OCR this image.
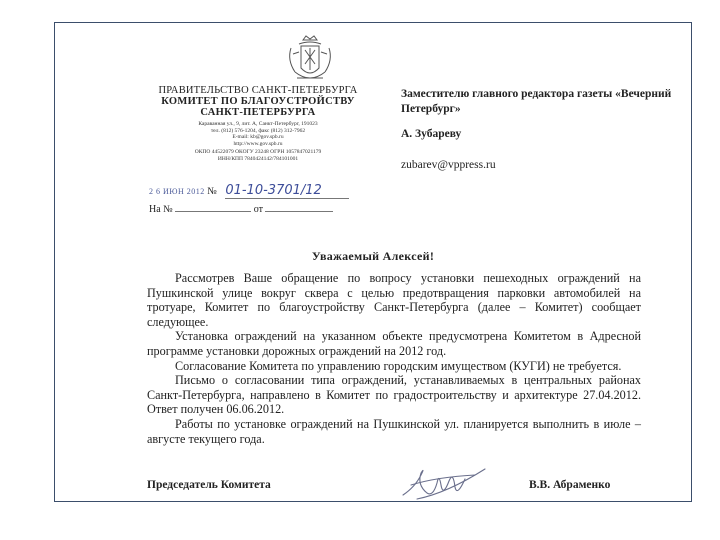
ПРАВИТЕЛЬСТВО САНКТ-ПЕТЕРБУРГА
КОМИТЕТ ПО БЛАГОУСТРОЙСТВУ
САНКТ-ПЕТЕРБУРГА
Караванная ул., 9, лит. А, Санкт-Петербург, 191023
тел. (812) 576-1204, факс (812) 312-7962
E-mail: kb@gov.spb.ru
http://www.gov.spb.ru
ОКПО 44522079 ОКОГУ 23248 ОГРН 1057847021179
ИНН/КПП 7840424142/784101001
Заместителю главного редактора газеты «Вечерний Петербург»
А. Зубареву
zubarev@vppress.ru
2 6 ИЮН 2012 № 01-10-3701/12
На №	от
Уважаемый Алексей!

Рассмотрев Ваше обращение по вопросу установки пешеходных ограждений на Пушкинской улице вокруг сквера с целью предотвращения парковки автомобилей на тротуаре, Комитет по благоустройству Санкт-Петербурга (далее – Комитет) сообщает следующее.

Установка ограждений на указанном объекте предусмотрена Комитетом в Адресной программе установки дорожных ограждений на 2012 год.

Согласование Комитета по управлению городским имуществом (КУГИ) не требуется.

Письмо о согласовании типа ограждений, устанавливаемых в центральных районах Санкт-Петербурга, направлено в Комитет по градостроительству и архитектуре 27.04.2012. Ответ получен 06.06.2012.

Работы по установке ограждений на Пушкинской ул. планируется выполнить в июле – августе текущего года.

Председатель Комитета	В.В. Абраменко
